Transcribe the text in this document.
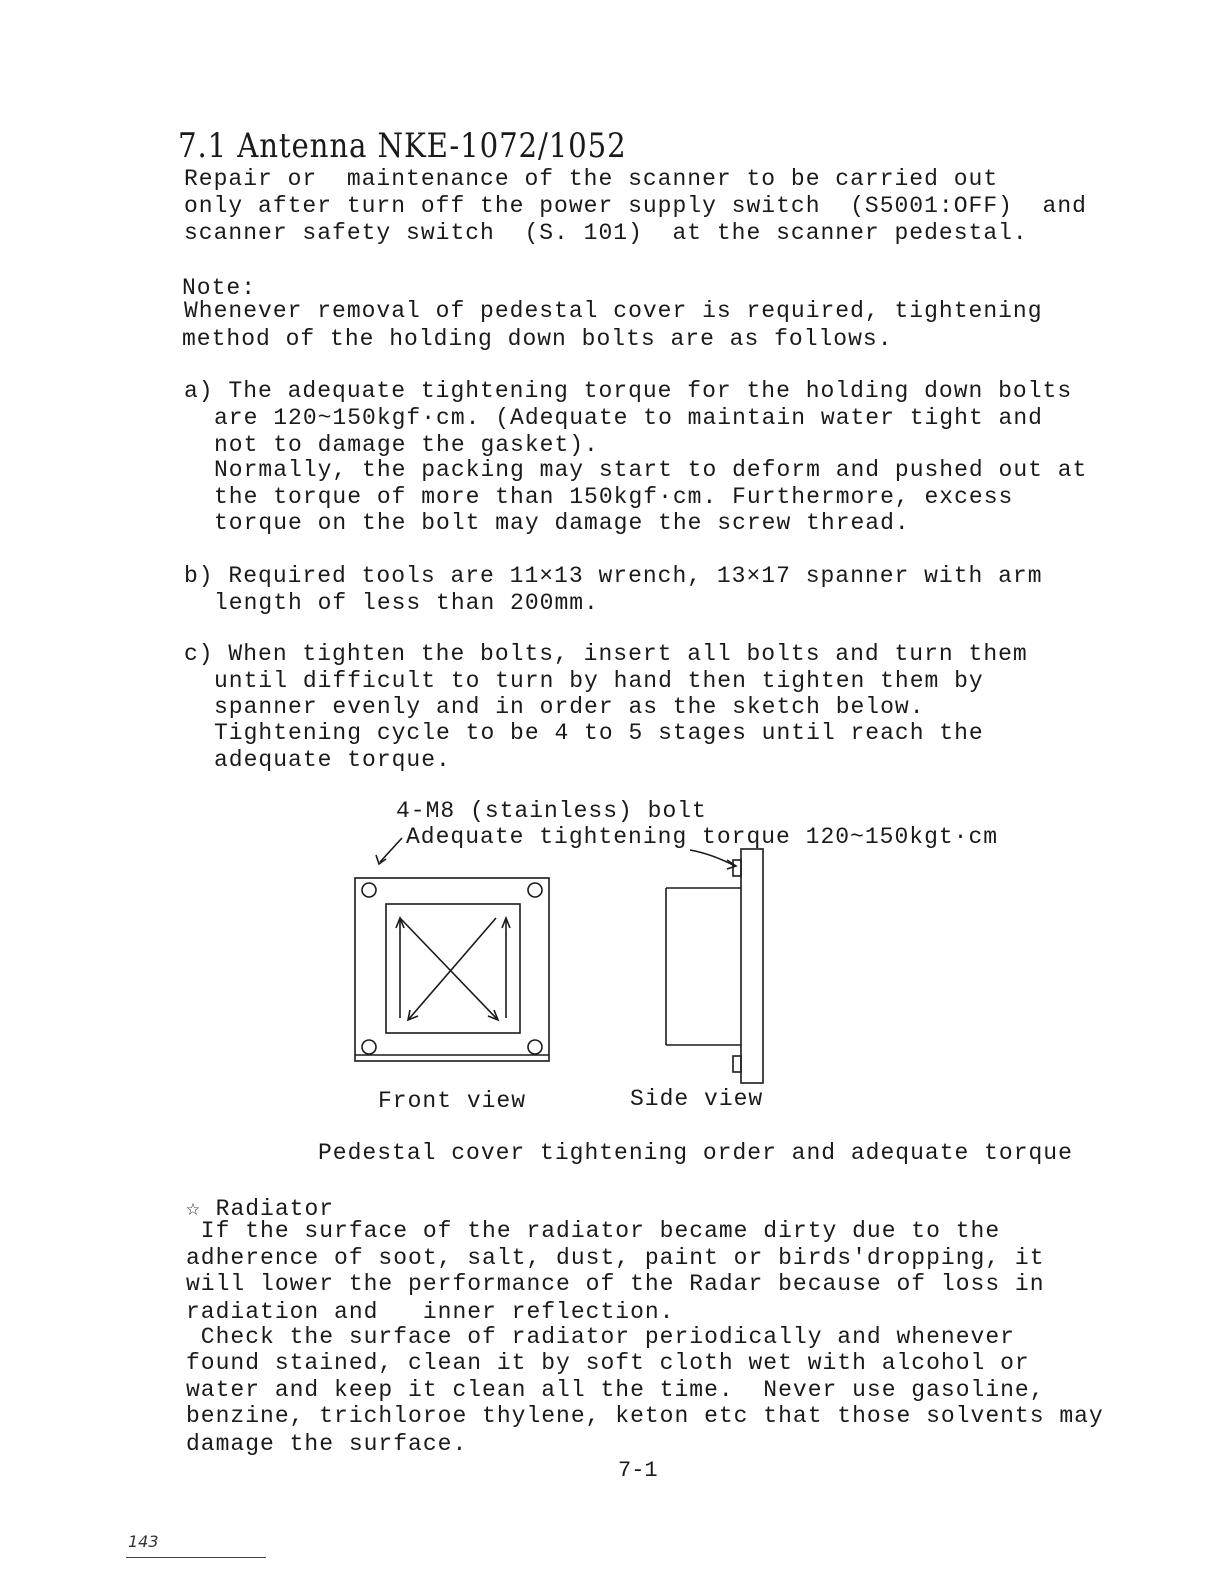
7.1 Antenna NKE-1072/1052
Repair or  maintenance of the scanner to be carried out
only after turn off the power supply switch  (S5001:OFF)  and
scanner safety switch  (S. 101)  at the scanner pedestal.
Note:
Whenever removal of pedestal cover is required, tightening
method of the holding down bolts are as follows.
a) The adequate tightening torque for the holding down bolts
are 120~150kgf·cm. (Adequate to maintain water tight and
not to damage the gasket).
Normally, the packing may start to deform and pushed out at
the torque of more than 150kgf·cm. Furthermore, excess
torque on the bolt may damage the screw thread.
b) Required tools are 11×13 wrench, 13×17 spanner with arm
length of less than 200mm.
c) When tighten the bolts, insert all bolts and turn them
until difficult to turn by hand then tighten them by
spanner evenly and in order as the sketch below.
Tightening cycle to be 4 to 5 stages until reach the
adequate torque.
4-M8 (stainless) bolt
Adequate tightening torque 120~150kgt·cm
Front view	Side view
Pedestal cover tightening order and adequate torque
☆ Radiator
If the surface of the radiator became dirty due to the
adherence of soot, salt, dust, paint or birds'dropping, it
will lower the performance of the Radar because of loss in
radiation and   inner reflection.
Check the surface of radiator periodically and whenever
found stained, clean it by soft cloth wet with alcohol or
water and keep it clean all the time.  Never use gasoline,
benzine, trichloroe thylene, keton etc that those solvents may
damage the surface.
7-1
143
